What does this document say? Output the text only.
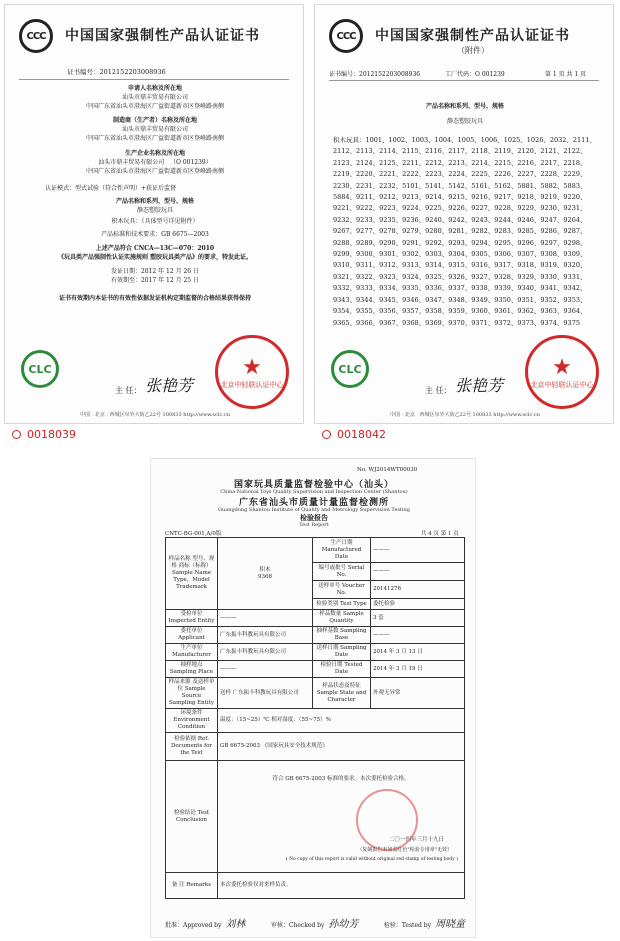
CCC 中国国家强制性产品认证证书
证书编号：2012152203008936
申请人名称及所在地
汕头市鼎丰贸易有限公司
中国广东省汕头市澄海区广益街道新市区登峰路南侧
制造商（生产者）名称及所在地
汕头市鼎丰贸易有限公司
中国广东省汕头市澄海区广益街道新市区登峰路南侧
生产企业名称及所在地
汕头市鼎丰贸易有限公司 （O 001239）
中国广东省汕头市澄海区广益街道新市区登峰路南侧
认证模式：型式试验（符合性声明）+获证后监督
产品名称和系列、型号、规格
静态塑胶玩具
积木玩具：（具体型号详见附件）
产品标准和技术要求：GB 6675—2003
上述产品符合 CNCA—13C—070：2010
《玩具类产品强制性认证实施规则 塑胶玩具类产品》的要求，特发此证。
发证日期：2012 年 12 月 26 日
有效期至：2017 年 12 月 25 日
证书有效期内本证书的有效性依据发证机构定期监督的合格结果获得保持
CLC
主 任： 张艳芳
★
北京中轻联认证中心
中国 · 北京 · 西城区阜外大街乙22号 100833 http://www.sclc.cn
0018039
CCC 中国国家强制性产品认证证书
（附件）
证书编号：2012152203008936	工厂代码：O 001239	第 1 页 共 1 页
产品名称和系列、型号、规格
静态塑胶玩具
积木玩具：1001、1002、1003、1004、1005、1006、1025、1026、2032、2111、2112、2113、2114、2115、2116、2117、2118、2119、2120、2121、2122、2123、2124、2125、2211、2212、2213、2214、2215、2216、2217、2218、2219、2220、2221、2222、2223、2224、2225、2226、2227、2228、2229、2230、2231、2232、5101、5141、5142、5161、5162、5881、5882、5883、5884、9211、9212、9213、9214、9215、9216、9217、9218、9219、9220、9221、9222、9223、9224、9225、9226、9227、9228、9229、9230、9231、9232、9233、9235、9236、9240、9242、9243、9244、9246、9247、9264、9267、9277、9278、9279、9280、9281、9282、9283、9285、9286、9287、9288、9289、9290、9291、9292、9293、9294、9295、9296、9297、9298、9299、9300、9301、9302、9303、9304、9305、9306、9307、9308、9309、9310、9311、9312、9313、9314、9315、9316、9317、9318、9319、9320、9321、9322、9323、9324、9325、9326、9327、9328、9329、9330、9331、9332、9333、9334、9335、9336、9337、9338、9339、9340、9341、9342、9343、9344、9345、9346、9347、9348、9349、9350、9351、9352、9353、9354、9355、9356、9357、9358、9359、9360、9361、9362、9363、9364、9365、9366、9367、9368、9369、9370、9371、9372、9373、9374、9375
CLC
主 任： 张艳芳
★
北京中轻联认证中心
中国 · 北京 · 西城区阜外大街乙22号 100833 http://www.sclc.cn
0018042
No. WJ2014WT00030
国家玩具质量监督检验中心（汕头）
China National Toys Quality Supervision and Inspection Center (Shantou)
广东省汕头市质量计量监督检测所
Guangdong Shantou Institute of Quality and Metrology Supervision Testing
检验报告
Test Report
CNTC-BG-001,A/0版	共 4 页 第 1 页
样品名称 型号、规格 商标（标称） Sample Name Type，Model Trademark	积木
9368	生产日期 Manufactured Date	———
		编号或批号 Serial No.	———
		送样单号 Voucher No.	20141276
		检验类别 Test Type	委托检验
受检单位 Inspected Entity	———	样品数量 Sample Quantity	3 套
委托单位 Applicant	广东振丰科教玩具有限公司	抽样基数 Sampling Base	———
生产单位 Manufacturer	广东振丰科教玩具有限公司	送样日期 Sampling Date	2014 年 3 月 13 日
抽样地点 Sampling Place	———	检验日期 Tested Date	2014 年 3 月 19 日
样品来源 及送样单位 Sample Source Sampling Entity	送样 广东振丰科教玩具有限公司	样品状态及特征 Sample State and Character	外观无异常
环境条件 Environment Condition	温度：（15~25）℃ 相对湿度：（55~75）%		
检验依据 Ref. Documents for the Test	GB 6675-2003 《国家玩具安全技术规范》		
检验结论 Test Conclusion	符合 GB 6675-2003 标准的要求。本次委托检验合格。
二〇一四年三月十九日
（复制报告未加盖红色"检验专用章"无效）
( No copy of this report is valid without original red stamp of testing body )		

备 注 Remarks	本次委托检验仅对来样负责。		
批准：Approved by 刘林	审核：Checked by 孙幼芳	检验：Tested by 周晓童
